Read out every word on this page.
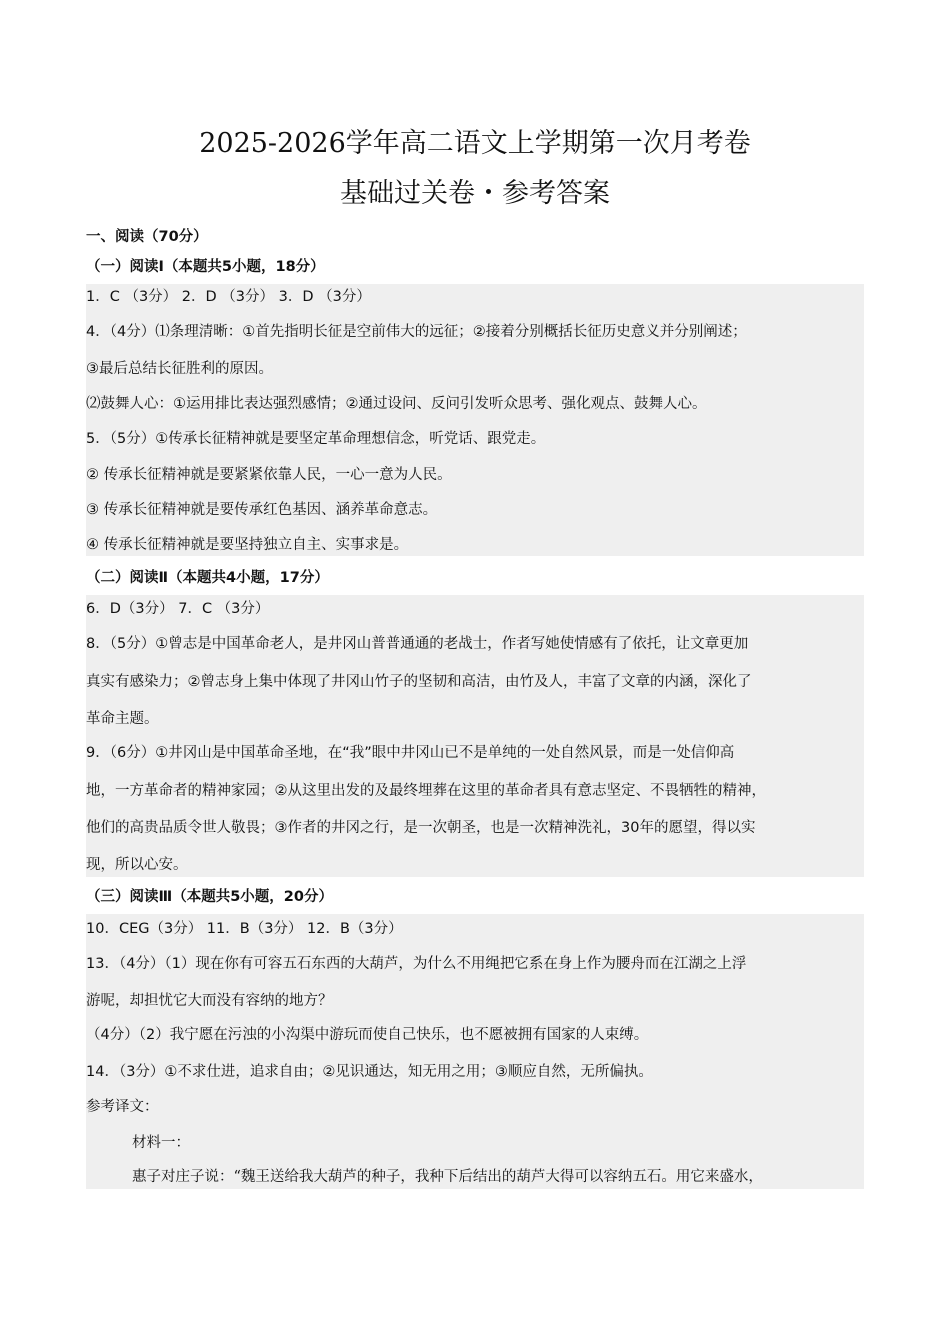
2025-2026学年高二语文上学期第一次月考卷
基础过关卷・参考答案
一、阅读（70分）
（一）阅读Ⅰ（本题共5小题，18分）
1．C （3分） 2．D （3分） 3．D （3分）
4．（4分）⑴条理清晰：①首先指明长征是空前伟大的远征；②接着分别概括长征历史意义并分别阐述；
③最后总结长征胜利的原因。
⑵鼓舞人心：①运用排比表达强烈感情；②通过设问、反问引发听众思考、强化观点、鼓舞人心。
5．（5分）①传承长征精神就是要坚定革命理想信念，听党话、跟党走。
② 传承长征精神就是要紧紧依靠人民，一心一意为人民。
③ 传承长征精神就是要传承红色基因、涵养革命意志。
④ 传承长征精神就是要坚持独立自主、实事求是。
（二）阅读Ⅱ（本题共4小题，17分）
6．D（3分） 7．C （3分）
8．（5分）①曾志是中国革命老人，是井冈山普普通通的老战士，作者写她使情感有了依托，让文章更加
真实有感染力；②曾志身上集中体现了井冈山竹子的坚韧和高洁，由竹及人，丰富了文章的内涵，深化了
革命主题。
9．（6分）①井冈山是中国革命圣地，在“我”眼中井冈山已不是单纯的一处自然风景，而是一处信仰高
地，一方革命者的精神家园；②从这里出发的及最终埋葬在这里的革命者具有意志坚定、不畏牺牲的精神，
他们的高贵品质令世人敬畏；③作者的井冈之行，是一次朝圣，也是一次精神洗礼，30年的愿望，得以实
现，所以心安。
（三）阅读Ⅲ（本题共5小题，20分）
10．CEG（3分） 11．B（3分） 12．B（3分）
13．（4分）（1）现在你有可容五石东西的大葫芦，为什么不用绳把它系在身上作为腰舟而在江湖之上浮
游呢，却担忧它大而没有容纳的地方？
（4分）（2）我宁愿在污浊的小沟渠中游玩而使自己快乐，也不愿被拥有国家的人束缚。
14．（3分）①不求仕进，追求自由；②见识通达，知无用之用；③顺应自然，无所偏执。
参考译文：
材料一：
惠子对庄子说：“魏王送给我大葫芦的种子，我种下后结出的葫芦大得可以容纳五石。用它来盛水，
